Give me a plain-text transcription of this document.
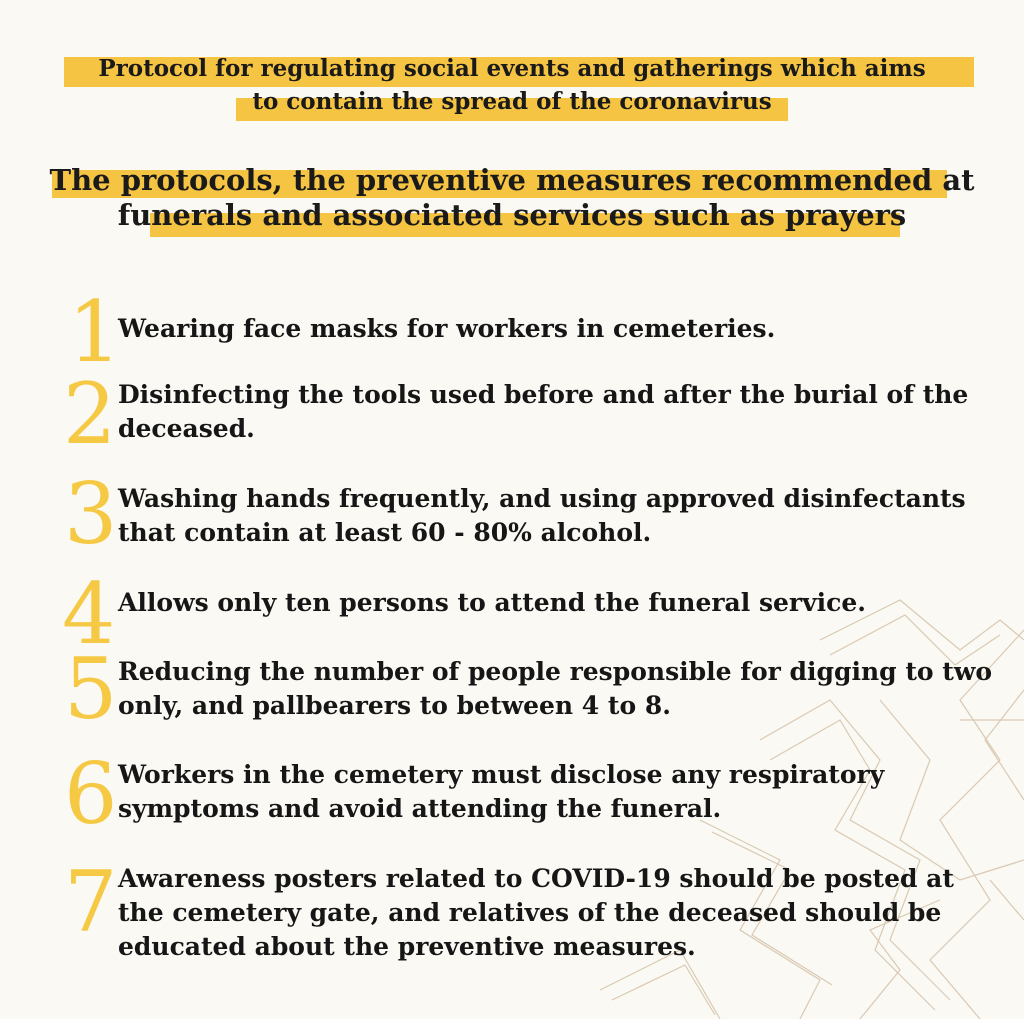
Protocol for regulating social events and gatherings which aims
to contain the spread of the coronavirus
The protocols, the preventive measures recommended at
funerals and associated services such as prayers
1
Wearing face masks for workers in cemeteries.
2 Disinfecting the tools used before and after the burial of the deceased.
3 Washing hands frequently, and using approved disinfectants that contain at least 60 - 80% alcohol.
4 Allows only ten persons to attend the funeral service.
5 Reducing the number of people responsible for digging to two only, and pallbearers to between 4 to 8.
6 Workers in the cemetery must disclose any respiratory symptoms and avoid attending the funeral.
7 Awareness posters related to COVID-19 should be posted at the cemetery gate, and relatives of the deceased should be educated about the preventive measures.
